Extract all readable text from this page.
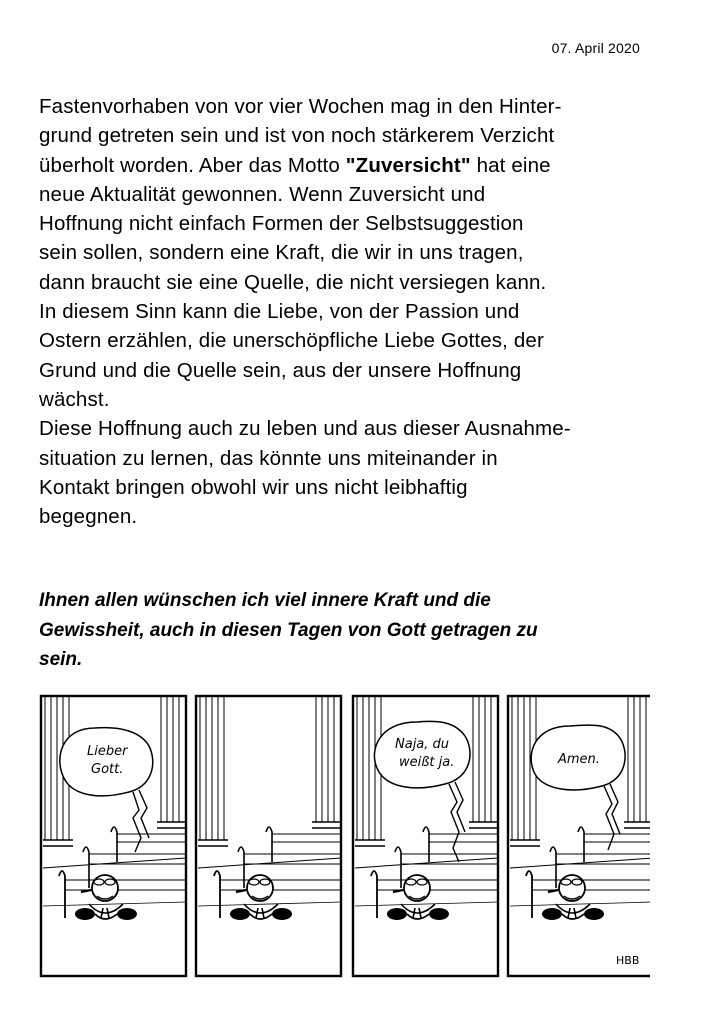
07. April 2020
Fastenvorhaben von vor vier Wochen mag in den Hinter-
grund getreten sein und ist von noch stärkerem Verzicht
überholt worden. Aber das Motto "Zuversicht" hat eine
neue Aktualität gewonnen. Wenn Zuversicht und
Hoffnung nicht einfach Formen der Selbstsuggestion
sein sollen, sondern eine Kraft, die wir in uns tragen,
dann braucht sie eine Quelle, die nicht versiegen kann.
In diesem Sinn kann die Liebe, von der Passion und
Ostern erzählen, die unerschöpfliche Liebe Gottes, der
Grund und die Quelle sein, aus der unsere Hoffnung
wächst.
Diese Hoffnung auch zu leben und aus dieser Ausnahme-
situation zu lernen, das könnte uns miteinander in
Kontakt bringen obwohl wir uns nicht leibhaftig
begegnen.
Ihnen allen wünschen ich viel innere Kraft und die
Gewissheit, auch in diesen Tagen von Gott getragen zu
sein.
Lieber
Gott.
Naja, du
weißt ja.	Amen.
HBB
